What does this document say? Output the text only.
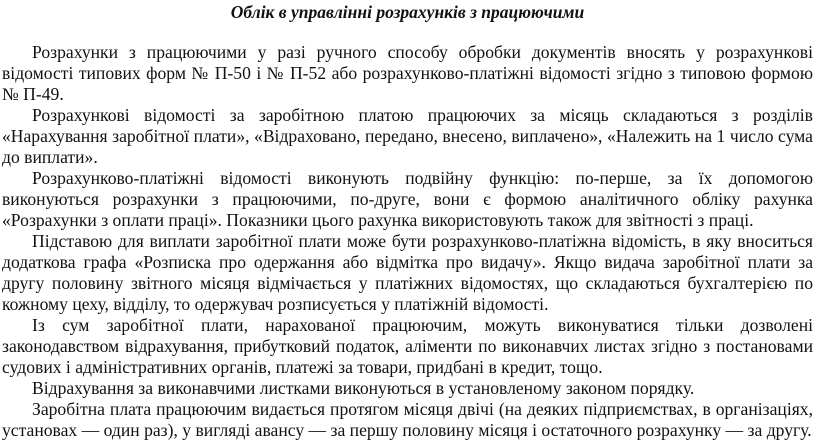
Облік в управлінні розрахунків з працюючими

Розрахунки з працюючими у разі ручного способу обробки документів вносять у розрахункові відомості типових форм № П-50 і № П-52 або розрахунково-платіжні відомості згідно з типовою формою № П-49.

Розрахункові відомості за заробітною платою працюючих за місяць складаються з розділів «Нарахування заробітної плати», «Відраховано, передано, внесено, виплачено», «Належить на 1 число сума до виплати».

Розрахунково-платіжні відомості виконують подвійну функцію: по-перше, за їх допомогою виконуються розрахунки з працюючими, по-друге, вони є формою аналітичного обліку рахунка «Розрахунки з оплати праці». Показники цього рахунка використовують також для звітності з праці.

Підставою для виплати заробітної плати може бути розрахунково-платіжна відомість, в яку вноситься додаткова графа «Розписка про одержання або відмітка про видачу». Якщо видача заробітної плати за другу половину звітного місяця відмічається у платіжних відомостях, що складаються бухгалтерією по кожному цеху, відділу, то одержувач розписується у платіжній відомості.

Із сум заробітної плати, нарахованої працюючим, можуть виконуватися тільки дозволені законодавством відрахування, прибутковий податок, аліменти по виконавчих листах згідно з постановами судових і адміністративних органів, платежі за товари, придбані в кредит, тощо.

Відрахування за виконавчими листками виконуються в установленому законом порядку.

Заробітна плата працюючим видається протягом місяця двічі (на деяких підприємствах, в організаціях, установах — один раз), у вигляді авансу — за першу половину місяця і остаточного розрахунку — за другу.
